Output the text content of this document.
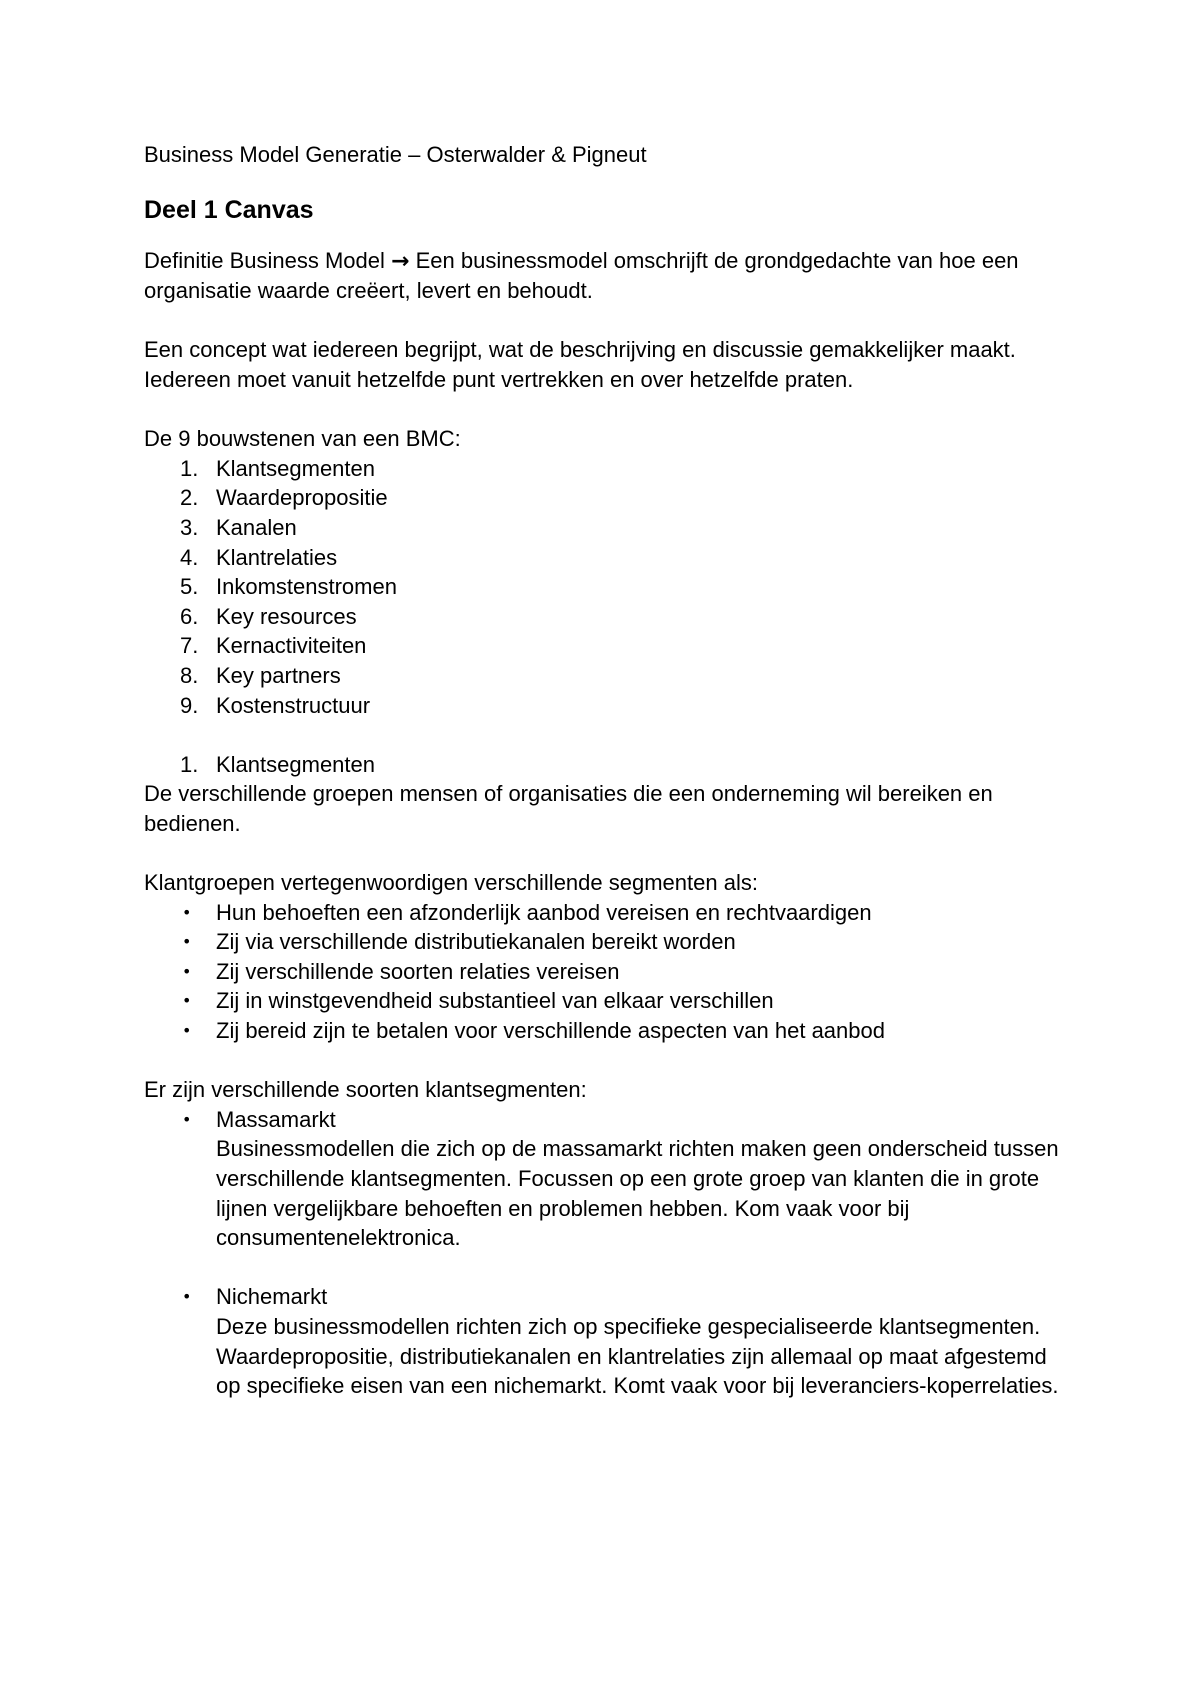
Business Model Generatie – Osterwalder & Pigneut

Deel 1 Canvas

Definitie Business Model → Een businessmodel omschrijft de grondgedachte van hoe een organisatie waarde creëert, levert en behoudt.

Een concept wat iedereen begrijpt, wat de beschrijving en discussie gemakkelijker maakt. Iedereen moet vanuit hetzelfde punt vertrekken en over hetzelfde praten.

De 9 bouwstenen van een BMC:

1. Klantsegmenten
2. Waardepropositie
3. Kanalen
4. Klantrelaties
5. Inkomstenstromen
6. Key resources
7. Kernactiviteiten
8. Key partners
9. Kostenstructuur
1. Klantsegmenten

De verschillende groepen mensen of organisaties die een onderneming wil bereiken en bedienen.

Klantgroepen vertegenwoordigen verschillende segmenten als:

•	Hun behoeften een afzonderlijk aanbod vereisen en rechtvaardigen
•	Zij via verschillende distributiekanalen bereikt worden
•	Zij verschillende soorten relaties vereisen
•	Zij in winstgevendheid substantieel van elkaar verschillen
•	Zij bereid zijn te betalen voor verschillende aspecten van het aanbod

Er zijn verschillende soorten klantsegmenten:

•	Massamarkt
Businessmodellen die zich op de massamarkt richten maken geen onderscheid tussen verschillende klantsegmenten. Focussen op een grote groep van klanten die in grote lijnen vergelijkbare behoeften en problemen hebben. Kom vaak voor bij consumentenelektronica.
•	Nichemarkt
Deze businessmodellen richten zich op specifieke gespecialiseerde klantsegmenten. Waardepropositie, distributiekanalen en klantrelaties zijn allemaal op maat afgestemd op specifieke eisen van een nichemarkt. Komt vaak voor bij leveranciers-koperrelaties.
